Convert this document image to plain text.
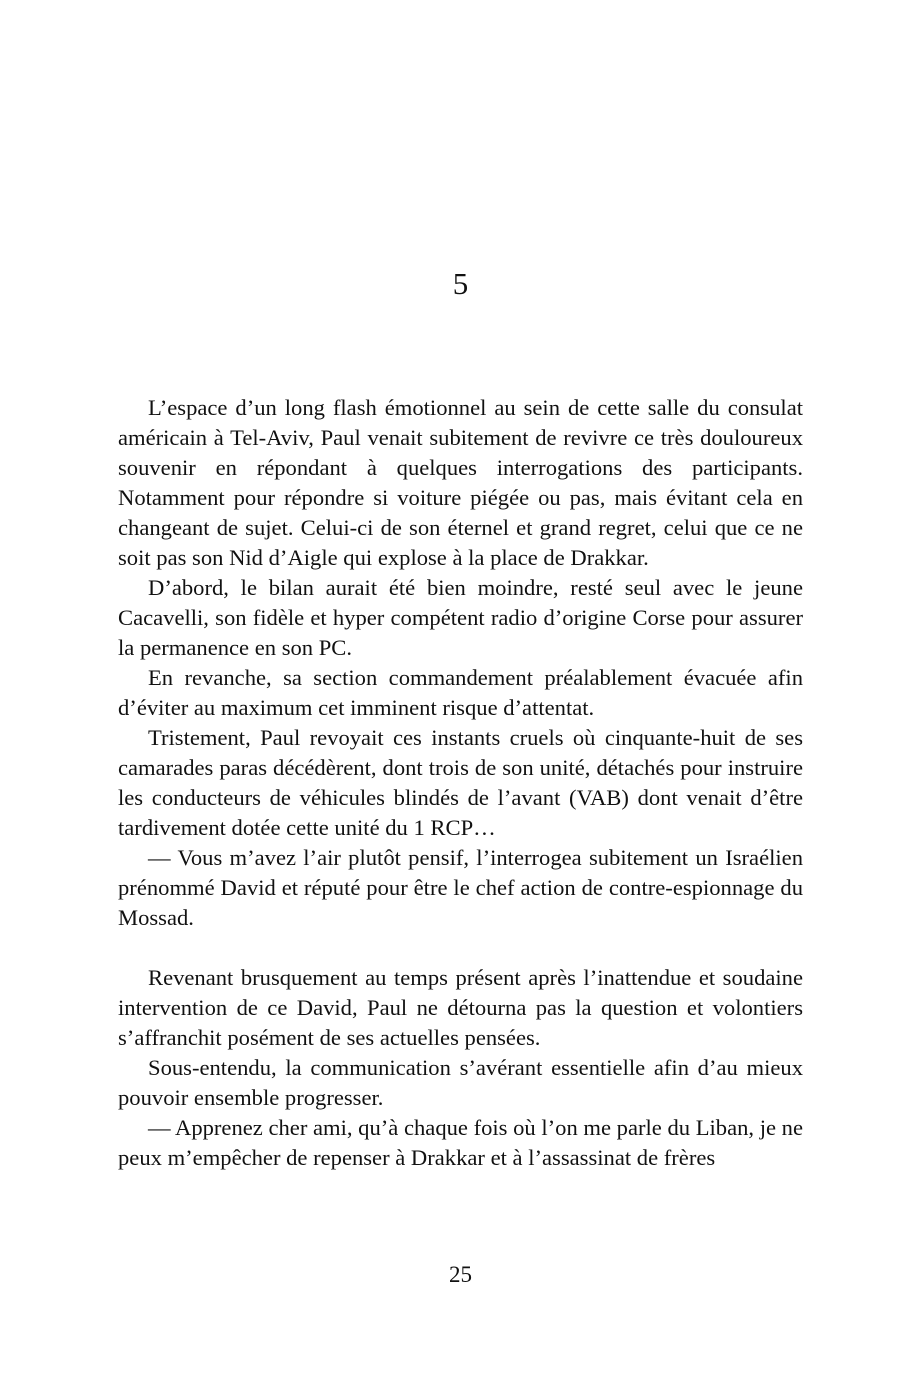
5

L’espace d’un long flash émotionnel au sein de cette salle du consulat américain à Tel-Aviv, Paul venait subitement de revivre ce très douloureux souvenir en répondant à quelques interrogations des participants. Notamment pour répondre si voiture piégée ou pas, mais évitant cela en changeant de sujet. Celui-ci de son éternel et grand regret, celui que ce ne soit pas son Nid d’Aigle qui explose à la place de Drakkar.

D’abord, le bilan aurait été bien moindre, resté seul avec le jeune Cacavelli, son fidèle et hyper compétent radio d’origine Corse pour assurer la permanence en son PC.

En revanche, sa section commandement préalablement évacuée afin d’éviter au maximum cet imminent risque d’attentat.

Tristement, Paul revoyait ces instants cruels où cinquante-huit de ses camarades paras décédèrent, dont trois de son unité, détachés pour instruire les conducteurs de véhicules blindés de l’avant (VAB) dont venait d’être tardivement dotée cette unité du 1 RCP…

— Vous m’avez l’air plutôt pensif, l’interrogea subitement un Israélien prénommé David et réputé pour être le chef action de contre-espionnage du Mossad.

Revenant brusquement au temps présent après l’inattendue et soudaine intervention de ce David, Paul ne détourna pas la question et volontiers s’affranchit posément de ses actuelles pensées.

Sous-entendu, la communication s’avérant essentielle afin d’au mieux pouvoir ensemble progresser.

— Apprenez cher ami, qu’à chaque fois où l’on me parle du Liban, je ne peux m’empêcher de repenser à Drakkar et à l’assassinat de frères

25
